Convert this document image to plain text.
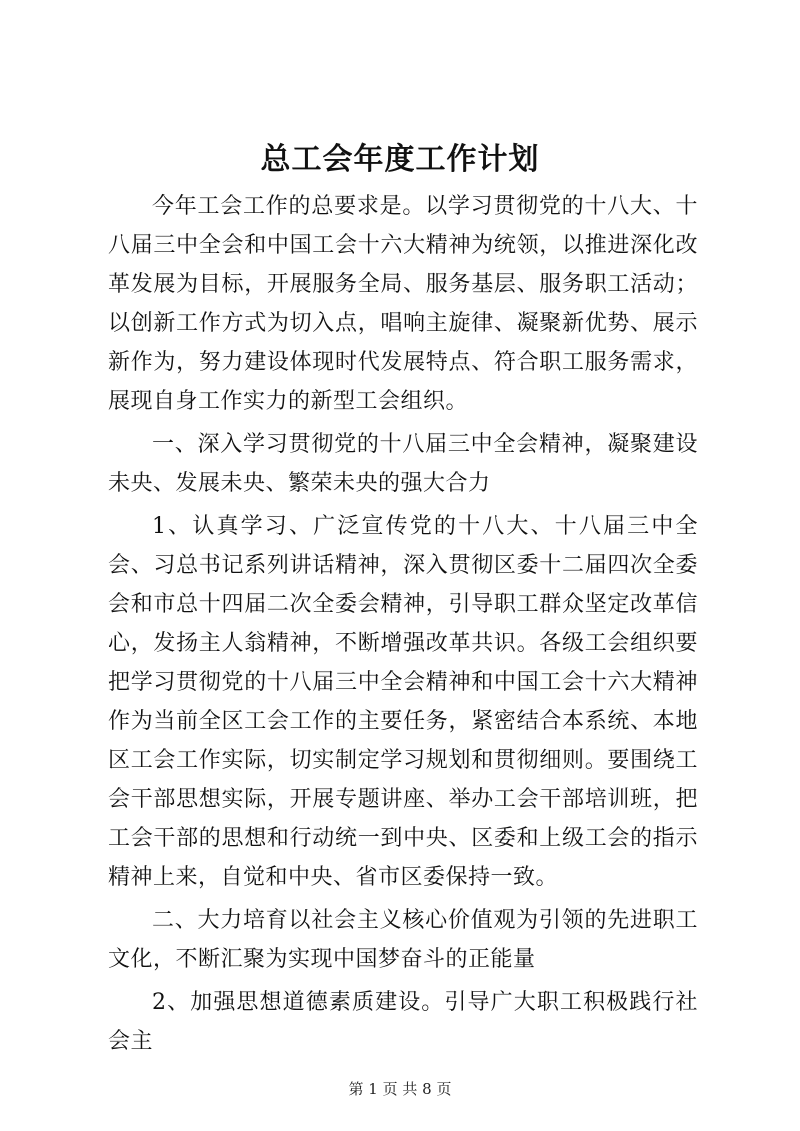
总工会年度工作计划

今年工会工作的总要求是。以学习贯彻党的十八大、十八届三中全会和中国工会十六大精神为统领，以推进深化改革发展为目标，开展服务全局、服务基层、服务职工活动；以创新工作方式为切入点，唱响主旋律、凝聚新优势、展示新作为，努力建设体现时代发展特点、符合职工服务需求，展现自身工作实力的新型工会组织。

一、深入学习贯彻党的十八届三中全会精神，凝聚建设未央、发展未央、繁荣未央的强大合力

1、认真学习、广泛宣传党的十八大、十八届三中全会、习总书记系列讲话精神，深入贯彻区委十二届四次全委会和市总十四届二次全委会精神，引导职工群众坚定改革信心，发扬主人翁精神，不断增强改革共识。各级工会组织要把学习贯彻党的十八届三中全会精神和中国工会十六大精神作为当前全区工会工作的主要任务，紧密结合本系统、本地区工会工作实际，切实制定学习规划和贯彻细则。要围绕工会干部思想实际，开展专题讲座、举办工会干部培训班，把工会干部的思想和行动统一到中央、区委和上级工会的指示精神上来，自觉和中央、省市区委保持一致。

二、大力培育以社会主义核心价值观为引领的先进职工文化，不断汇聚为实现中国梦奋斗的正能量

2、加强思想道德素质建设。引导广大职工积极践行社会主

第 1 页 共 8 页
